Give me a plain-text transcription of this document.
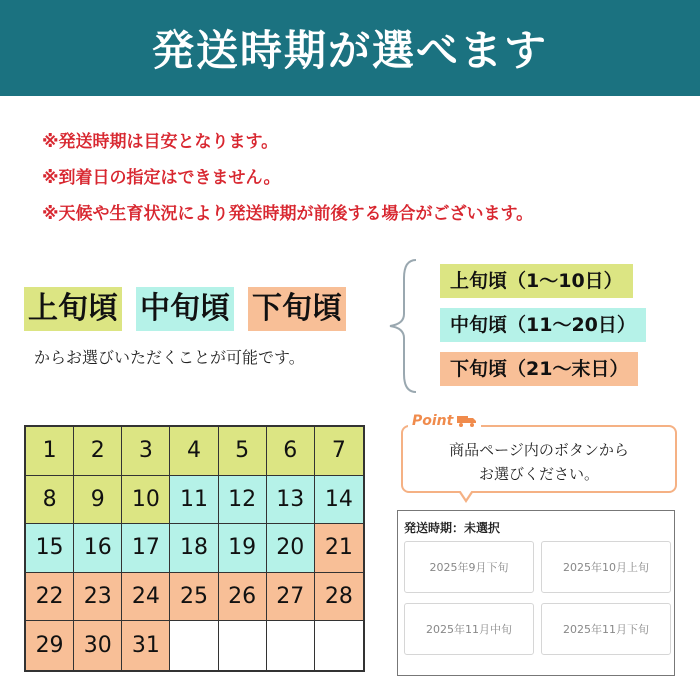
発送時期が選べます
※発送時期は目安となります。
※到着日の指定はできません。
※天候や生育状況により発送時期が前後する場合がございます。
上旬頃 中旬頃 下旬頃
からお選びいただくことが可能です。
上旬頃（1〜10日）
中旬頃（11〜20日）
下旬頃（21〜末日）
1	2	3	4	5	6	7
8	9	10 11 12 13 14
15 16 17 18 19 20 21
22 23 24 25 26 27 28
29 30 31
Point
商品ページ内のボタンから
お選びください。
発送時期：未選択
2025年9月下旬	2025年10月上旬
2025年11月中旬	2025年11月下旬
